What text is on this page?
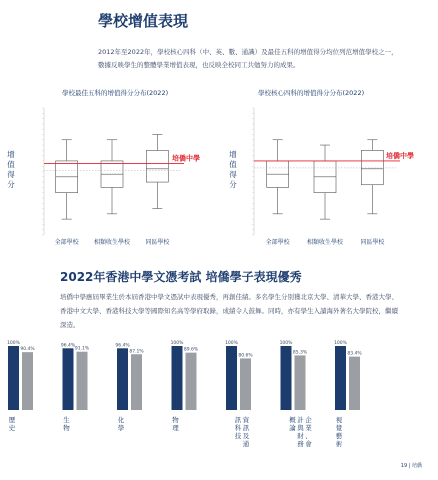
學校增值表現
2012年至2022年，學校核心四科（中、英、數、通識）及最佳五科的增值得分均位列范增值學校之一，數據反映學生的整體學業增值表現，也反映全校同工共勉努力的成果。
學校最佳五科的增值得分分布(2022)
增值得分
全部學校	相類收生學校	同區學校
培僑中學
學校核心四科的增值得分分布(2022)
增值得分
全部學校	相類收生學校	同區學校
培僑中學
2022年香港中學文憑考試 培僑學子表現優秀
培僑中學應屆畢業生於本屆香港中學文憑試中表現優秀，再創佳績。多名學生分別獲北京大學、清華大學、香港大學、香港中文大學、香港科技大學等國際知名高等學府取錄，成績令人鼓舞。同時，亦有學生入讀海外著名大學院校，繼續深造。
100%
90.4%
歷
史
96.4%
91.1%
生
物
96.4%
87.1%
化
學
100%
89.6%
物
理
100%
80.6%
資
訊
及
通
訊
科
技
100%
85.3%
企
業
、
會
計
與
財
務
概
論
100%
83.4%
視
覺
藝
術
19 | 培僑
